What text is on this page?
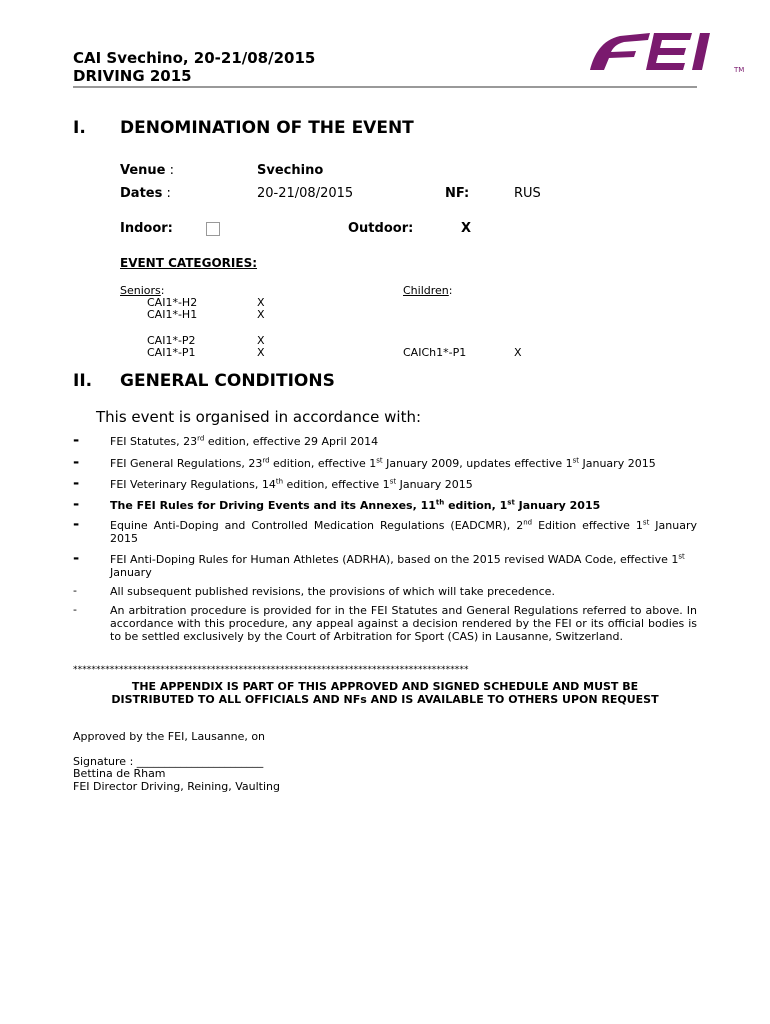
CAI Svechino, 20-21/08/2015
DRIVING 2015	TM
I. DENOMINATION OF THE EVENT
Venue :	Svechino
Dates :	20-21/08/2015	NF:	RUS
Indoor:	Outdoor:	X
EVENT CATEGORIES:
Seniors:	Children:
CAI1*-H2	X
CAI1*-H1	X
CAI1*-P2	X
CAI1*-P1	X	CAICh1*-P1	X
II. GENERAL CONDITIONS
This event is organised in accordance with:
-	FEI Statutes, 23rd edition, effective 29 April 2014
-	FEI General Regulations, 23rd edition, effective 1st January 2009, updates effective 1st January 2015
-	FEI Veterinary Regulations, 14th edition, effective 1st January 2015
-	The FEI Rules for Driving Events and its Annexes, 11th edition, 1st January 2015
-	Equine Anti-Doping and Controlled Medication Regulations (EADCMR), 2nd Edition effective 1st January 2015
-	FEI Anti-Doping Rules for Human Athletes (ADRHA), based on the 2015 revised WADA Code, effective 1st January
-	All subsequent published revisions, the provisions of which will take precedence.
-	An arbitration procedure is provided for in the FEI Statutes and General Regulations referred to above. In accordance with this procedure, any appeal against a decision rendered by the FEI or its official bodies is to be settled exclusively by the Court of Arbitration for Sport (CAS) in Lausanne, Switzerland.
**************************************************************************************
THE APPENDIX IS PART OF THIS APPROVED AND SIGNED SCHEDULE AND MUST BE
DISTRIBUTED TO ALL OFFICIALS AND NFs AND IS AVAILABLE TO OTHERS UPON REQUEST
Approved by the FEI, Lausanne, on
Signature : _______________________
Bettina de Rham
FEI Director Driving, Reining, Vaulting
